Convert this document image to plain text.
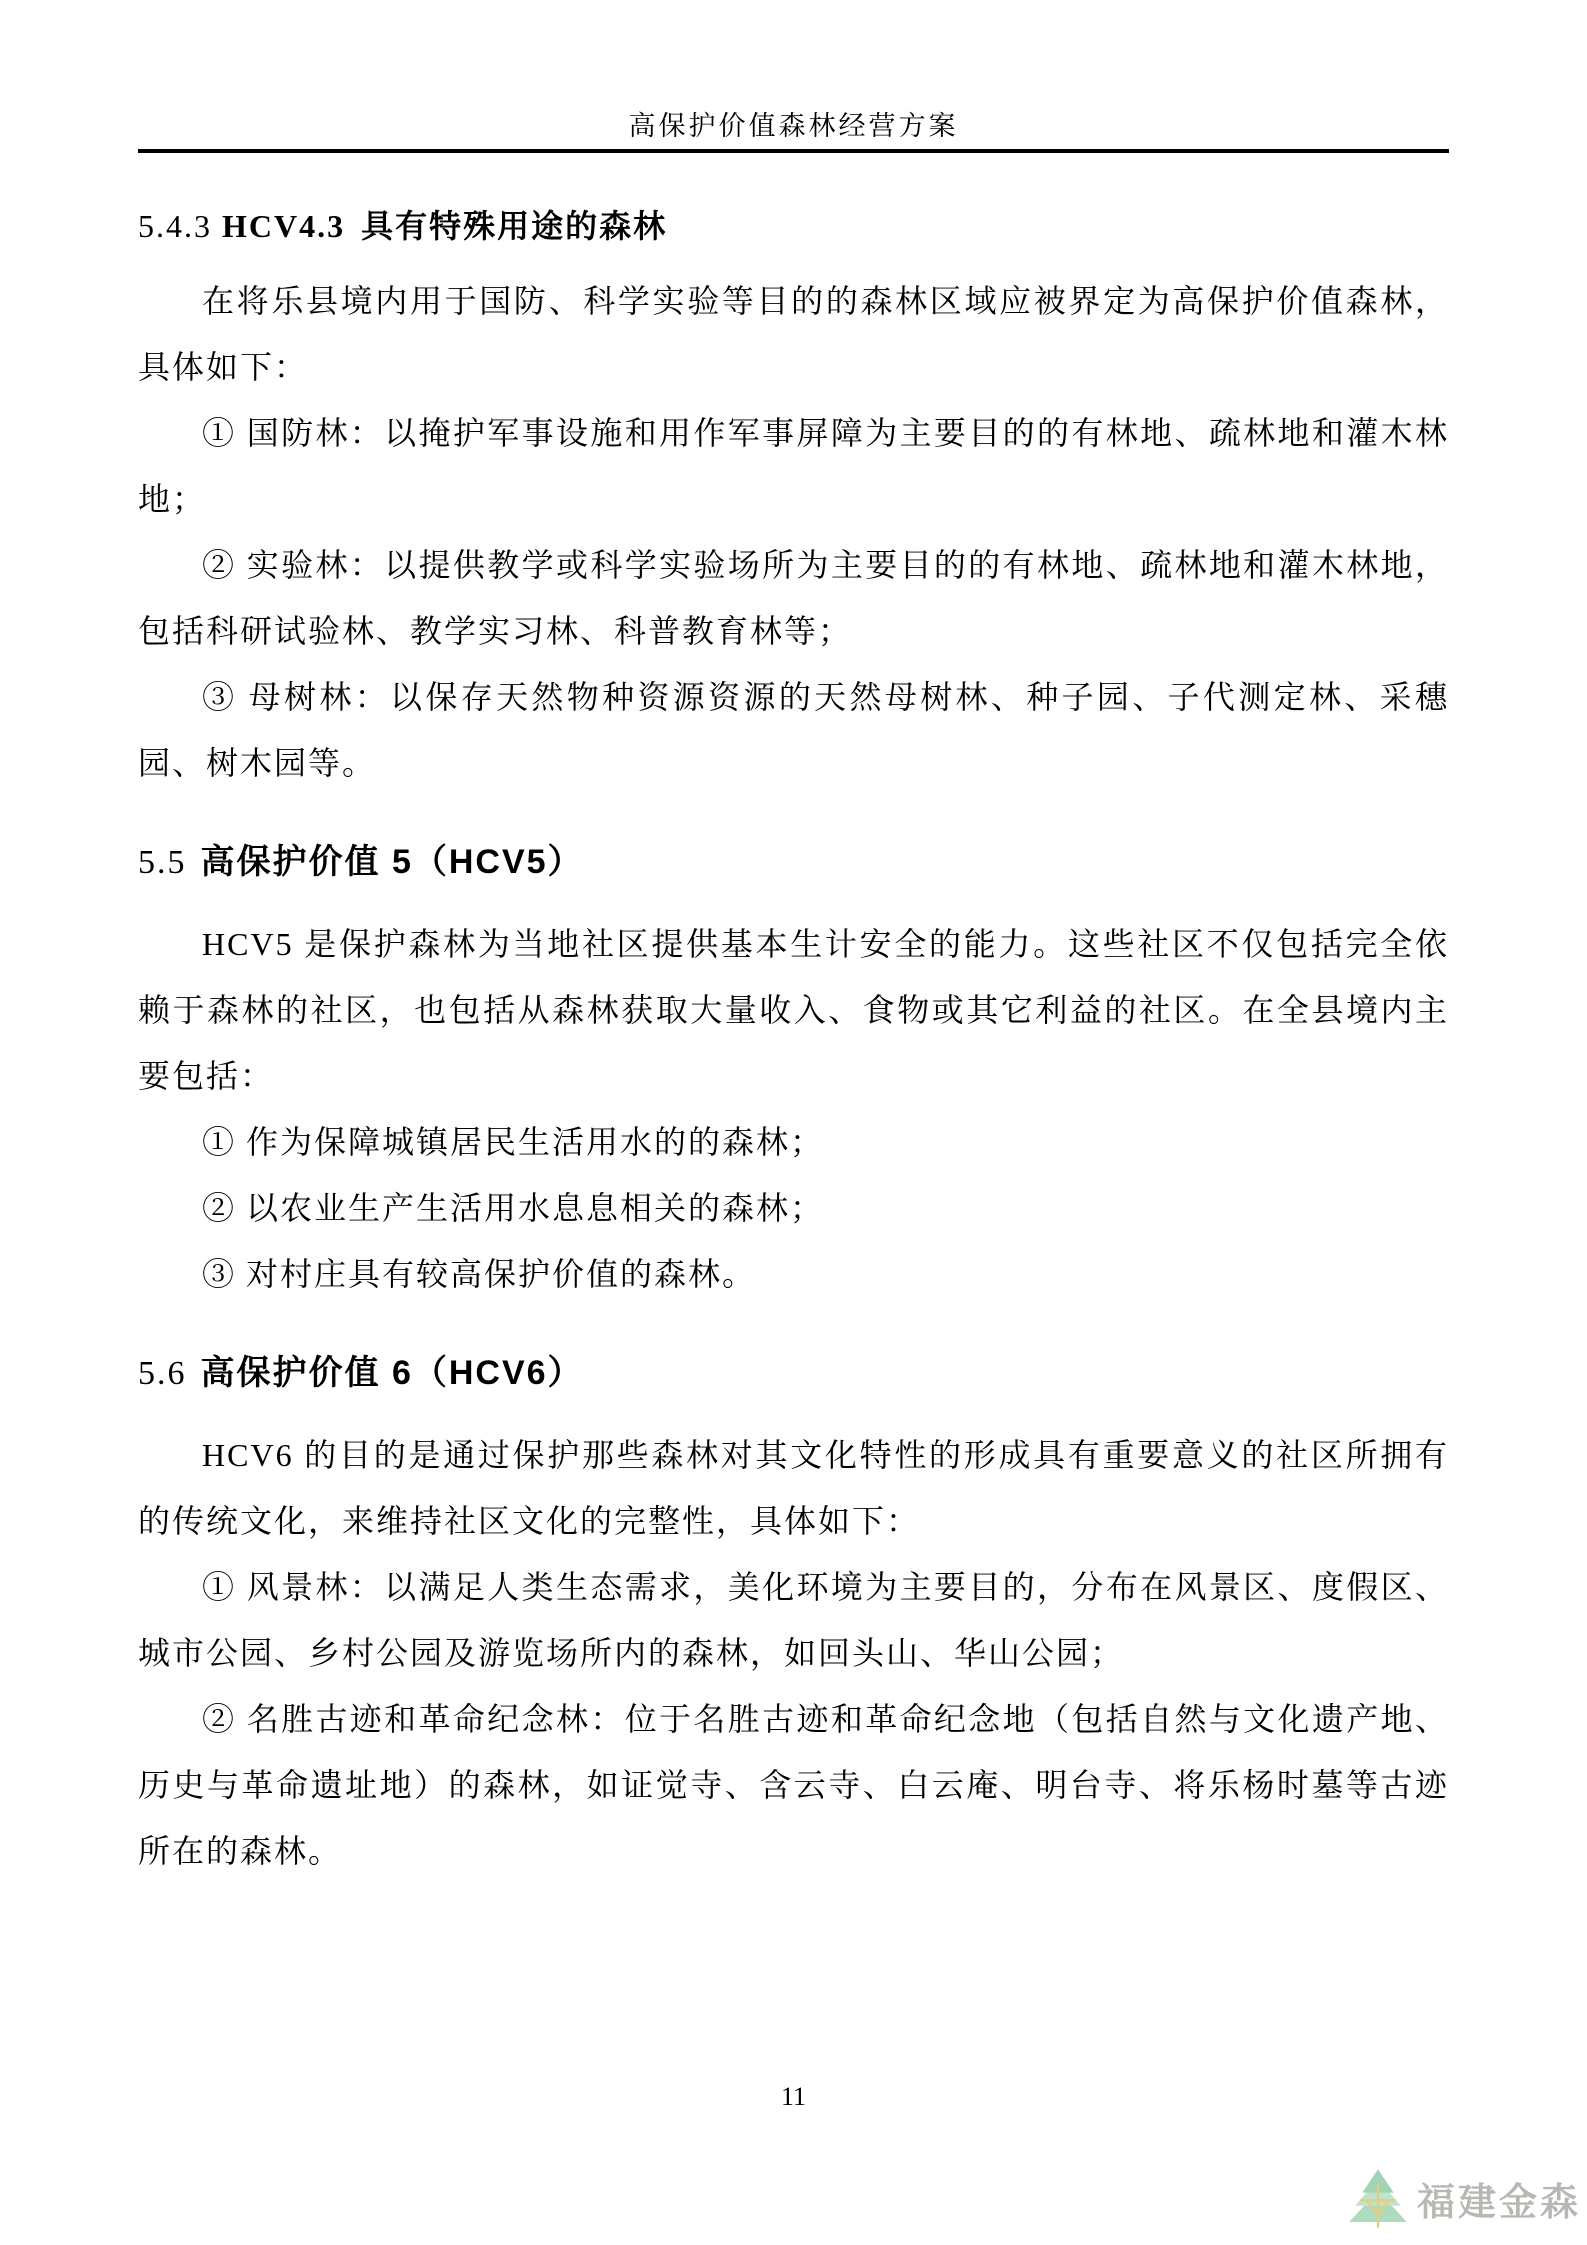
高保护价值森林经营方案
5.4.3 HCV4.3 具有特殊用途的森林

在将乐县境内用于国防、科学实验等目的的森林区域应被界定为高保护价值森林，具体如下：

① 国防林：以掩护军事设施和用作军事屏障为主要目的的有林地、疏林地和灌木林地；

② 实验林：以提供教学或科学实验场所为主要目的的有林地、疏林地和灌木林地，包括科研试验林、教学实习林、科普教育林等；

③ 母树林：以保存天然物种资源资源的天然母树林、种子园、子代测定林、采穗园、树木园等。

5.5 高保护价值 5（HCV5）

HCV5 是保护森林为当地社区提供基本生计安全的能力。这些社区不仅包括完全依赖于森林的社区，也包括从森林获取大量收入、食物或其它利益的社区。在全县境内主要包括：

① 作为保障城镇居民生活用水的的森林；

② 以农业生产生活用水息息相关的森林；

③ 对村庄具有较高保护价值的森林。

5.6 高保护价值 6（HCV6）

HCV6 的目的是通过保护那些森林对其文化特性的形成具有重要意义的社区所拥有的传统文化，来维持社区文化的完整性，具体如下：

① 风景林：以满足人类生态需求，美化环境为主要目的，分布在风景区、度假区、城市公园、乡村公园及游览场所内的森林，如回头山、华山公园；

② 名胜古迹和革命纪念林：位于名胜古迹和革命纪念地（包括自然与文化遗产地、历史与革命遗址地）的森林，如证觉寺、含云寺、白云庵、明台寺、将乐杨时墓等古迹所在的森林。

11
福建金森
